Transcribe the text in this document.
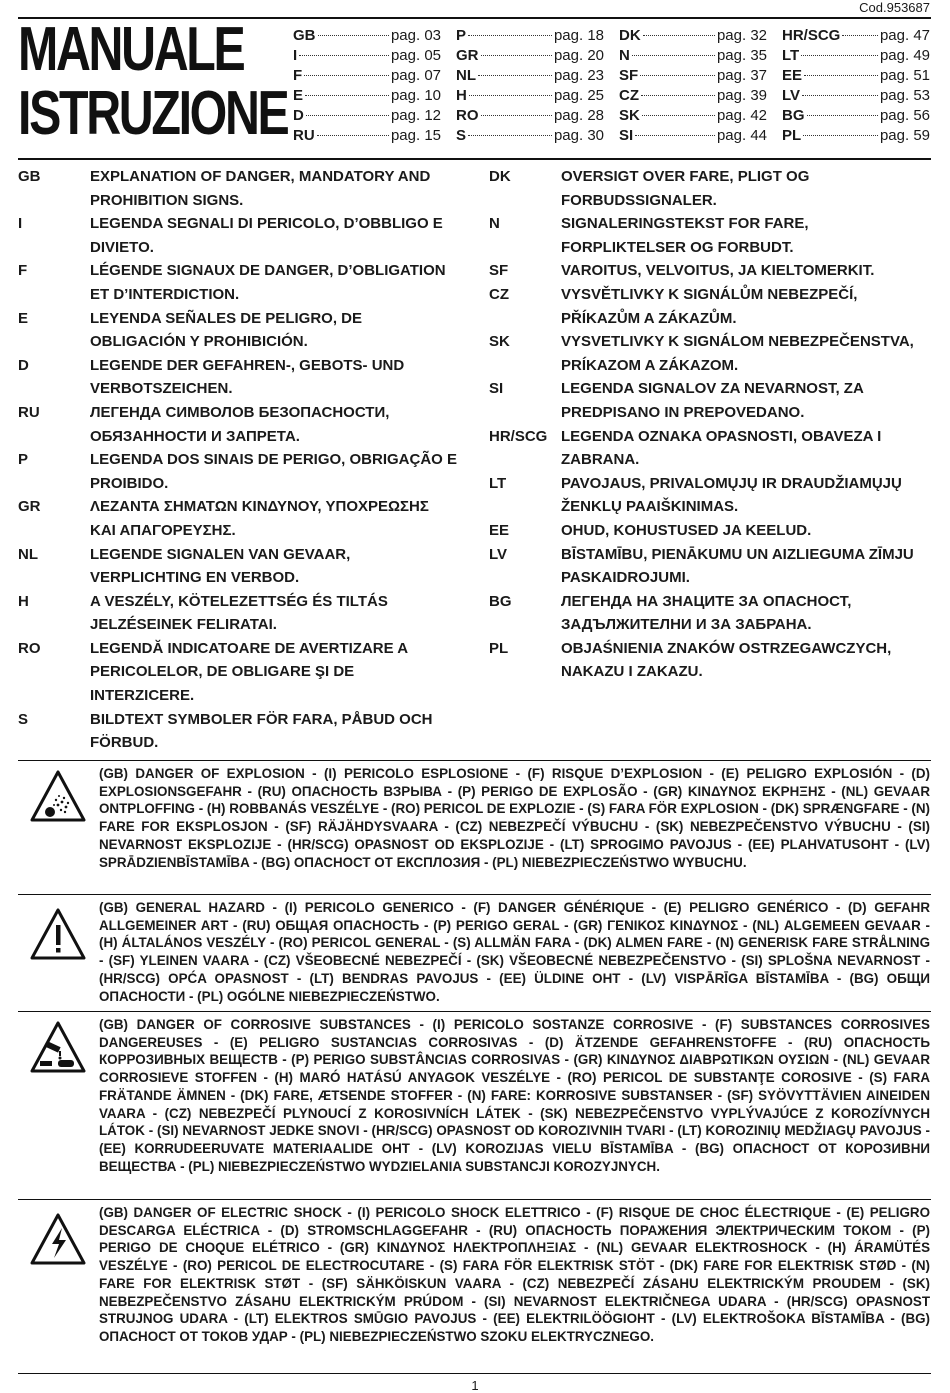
Cod.953687
MANUALE
ISTRUZIONE
GB	pag. 03
I	pag. 05
F	pag. 07
E	pag. 10
D	pag. 12
RU	pag. 15
P	pag. 18
GR	pag. 20
NL	pag. 23
H	pag. 25
RO	pag. 28
S	pag. 30
DK	pag. 32
N	pag. 35
SF	pag. 37
CZ	pag. 39
SK	pag. 42
SI	pag. 44
HR/SCG	pag. 47
LT	pag. 49
EE	pag. 51
LV	pag. 53
BG	pag. 56
PL	pag. 59
GB	EXPLANATION OF DANGER, MANDATORY AND PROHIBITION SIGNS.
I	LEGENDA SEGNALI DI PERICOLO, D’OBBLIGO E DIVIETO.
F	LÉGENDE SIGNAUX DE DANGER, D’OBLIGATION ET D’INTERDICTION.
E	LEYENDA SEÑALES DE PELIGRO, DE OBLIGACIÓN Y PROHIBICIÓN.
D	LEGENDE DER GEFAHREN-, GEBOTS- UND VERBOTSZEICHEN.
RU	ЛЕГЕНДА СИМВОЛОВ БЕЗОПАСНОСТИ, ОБЯЗАННОСТИ И ЗАПРЕТА.
P	LEGENDA DOS SINAIS DE PERIGO, OBRIGAÇÃO E PROIBIDO.
GR	ΛΕΖΑΝΤΑ ΣΗΜΑΤΩΝ ΚΙΝΔΥΝΟΥ, ΥΠΟΧΡΕΩΣΗΣ ΚΑΙ ΑΠΑΓΟΡΕΥΣΗΣ.
NL	LEGENDE SIGNALEN VAN GEVAAR, VERPLICHTING EN VERBOD.
H	A VESZÉLY, KÖTELEZETTSÉG ÉS TILTÁS JELZÉSEINEK FELIRATAI.
RO	LEGENDĂ INDICATOARE DE AVERTIZARE A PERICOLELOR, DE OBLIGARE ŞI DE INTERZICERE.
S	BILDTEXT SYMBOLER FÖR FARA, PÅBUD OCH FÖRBUD.
DK	OVERSIGT OVER FARE, PLIGT OG FORBUDSSIGNALER.
N	SIGNALERINGSTEKST FOR FARE, FORPLIKTELSER OG FORBUDT.
SF	VAROITUS, VELVOITUS, JA KIELTOMERKIT.
CZ	VYSVĚTLIVKY K SIGNÁLŮM NEBEZPEČÍ, PŘÍKAZŮM A ZÁKAZŮM.
SK	VYSVETLIVKY K SIGNÁLOM NEBEZPEČENSTVA, PRÍKAZOM A ZÁKAZOM.
SI	LEGENDA SIGNALOV ZA NEVARNOST, ZA PREDPISANO IN PREPOVEDANO.
HR/SCG LEGENDA OZNAKA OPASNOSTI, OBAVEZA I ZABRANA.
LT	PAVOJAUS, PRIVALOMŲJŲ IR DRAUDŽIAMŲJŲ ŽENKLŲ PAAIŠKINIMAS.
EE	OHUD, KOHUSTUSED JA KEELUD.
LV	BĪSTAMĪBU, PIENĀKUMU UN AIZLIEGUMA ZĪMJU PASKAIDROJUMI.
BG	ЛЕГЕНДА НА ЗНАЦИТЕ ЗА ОПАСНОСТ, ЗАДЪЛЖИТЕЛНИ И ЗА ЗАБРАНА.
PL	OBJAŚNIENIA ZNAKÓW OSTRZEGAWCZYCH, NAKAZU I ZAKAZU.
(GB) DANGER OF EXPLOSION - (I) PERICOLO ESPLOSIONE - (F) RISQUE D’EXPLOSION - (E) PELIGRO EXPLOSIÓN - (D) EXPLOSIONSGEFAHR - (RU) ОПАСНОСТЬ ВЗРЫВА - (P) PERIGO DE EXPLOSÃO - (GR) ΚΙΝΔΥΝΟΣ ΕΚΡΗΞΗΣ - (NL) GEVAAR ONTPLOFFING - (H) ROBBANÁS VESZÉLYE - (RO) PERICOL DE EXPLOZIE - (S) FARA FÖR EXPLOSION - (DK) SPRÆNGFARE - (N) FARE FOR EKSPLOSJON - (SF) RÄJÄHDYSVAARA - (CZ) NEBEZPEČÍ VÝBUCHU - (SK) NEBEZPEČENSTVO VÝBUCHU - (SI) NEVARNOST EKSPLOZIJE - (HR/SCG) OPASNOST OD EKSPLOZIJE - (LT) SPROGIMO PAVOJUS - (EE) PLAHVATUSOHT - (LV) SPRĀDZIENBĪSTAMĪBA - (BG) ОПАСНОСТ ОТ ЕКСПЛОЗИЯ - (PL) NIEBEZPIECZEŃSTWO WYBUCHU.
(GB) GENERAL HAZARD - (I) PERICOLO GENERICO - (F) DANGER GÉNÉRIQUE - (E) PELIGRO GENÉRICO - (D) GEFAHR ALLGEMEINER ART - (RU) ОБЩАЯ ОПАСНОСТЬ - (P) PERIGO GERAL - (GR) ΓΕΝΙΚΟΣ ΚΙΝΔΥΝΟΣ - (NL) ALGEMEEN GEVAAR - (H) ÁLTALÁNOS VESZÉLY - (RO) PERICOL GENERAL - (S) ALLMÄN FARA - (DK) ALMEN FARE - (N) GENERISK FARE STRÅLNING - (SF) YLEINEN VAARA - (CZ) VŠEOBECNÉ NEBEZPEČÍ - (SK) VŠEOBECNÉ NEBEZPEČENSTVO - (SI) SPLOŠNA NEVARNOST - (HR/SCG) OPĆA OPASNOST - (LT) BENDRAS PAVOJUS - (EE) ÜLDINE OHT - (LV) VISPĀRĪGA BĪSTAMĪBA - (BG) ОБЩИ ОПАСНОСТИ - (PL) OGÓLNE NIEBEZPIECZEŃSTWO.
(GB) DANGER OF CORROSIVE SUBSTANCES - (I) PERICOLO SOSTANZE CORROSIVE - (F) SUBSTANCES CORROSIVES DANGEREUSES - (E) PELIGRO SUSTANCIAS CORROSIVAS - (D) ÄTZENDE GEFAHRENSTOFFE - (RU) ОПАСНОСТЬ КОРРОЗИВНЫХ ВЕЩЕСТВ - (P) PERIGO SUBSTÂNCIAS CORROSIVAS - (GR) ΚΙΝΔΥΝΟΣ ΔΙΑΒΡΩΤΙΚΩΝ ΟΥΣΙΩΝ - (NL) GEVAAR CORROSIEVE STOFFEN - (H) MARÓ HATÁSÚ ANYAGOK VESZÉLYE - (RO) PERICOL DE SUBSTANŢE COROSIVE - (S) FARA FRÄTANDE ÄMNEN - (DK) FARE, ÆTSENDE STOFFER - (N) FARE: KORROSIVE SUBSTANSER - (SF) SYÖVYTTÄVIEN AINEIDEN VAARA - (CZ) NEBEZPEČÍ PLYNOUCÍ Z KOROSIVNÍCH LÁTEK - (SK) NEBEZPEČENSTVO VYPLÝVAJÚCE Z KOROZÍVNYCH LÁTOK - (SI) NEVARNOST JEDKE SNOVI - (HR/SCG) OPASNOST OD KOROZIVNIH TVARI - (LT) KOROZINIŲ MEDŽIAGŲ PAVOJUS - (EE) KORRUDEERUVATE MATERIAALIDE OHT - (LV) KOROZIJAS VIELU BĪSTAMĪBA - (BG) ОПАСНОСТ ОТ КОРОЗИВНИ ВЕЩЕСТВА - (PL) NIEBEZPIECZEŃSTWO WYDZIELANIA SUBSTANCJI KOROZYJNYCH.
(GB) DANGER OF ELECTRIC SHOCK - (I) PERICOLO SHOCK ELETTRICO - (F) RISQUE DE CHOC ÉLECTRIQUE - (E) PELIGRO DESCARGA ELÉCTRICA - (D) STROMSCHLAGGEFAHR - (RU) ОПАСНОСТЬ ПОРАЖЕНИЯ ЭЛЕКТРИЧЕСКИМ ТОКОМ - (P) PERIGO DE CHOQUE ELÉTRICO - (GR) ΚΙΝΔΥΝΟΣ ΗΛΕΚΤΡΟΠΛΗΞΙΑΣ - (NL) GEVAAR ELEKTROSHOCK - (H) ÁRAMÜTÉS VESZÉLYE - (RO) PERICOL DE ELECTROCUTARE - (S) FARA FÖR ELEKTRISK STÖT - (DK) FARE FOR ELEKTRISK STØD - (N) FARE FOR ELEKTRISK STØT - (SF) SÄHKÖISKUN VAARA - (CZ) NEBEZPEČÍ ZÁSAHU ELEKTRICKÝM PROUDEM - (SK) NEBEZPEČENSTVO ZÁSAHU ELEKTRICKÝM PRÚDOM - (SI) NEVARNOST ELEKTRIČNEGA UDARA - (HR/SCG) OPASNOST STRUJNOG UDARA - (LT) ELEKTROS SMŪGIO PAVOJUS - (EE) ELEKTRILÖÖGIOHT - (LV) ELEKTROŠOKA BĪSTAMĪBA - (BG) ОПАСНОСТ ОТ ТОКОВ УДАР - (PL) NIEBEZPIECZEŃSTWO SZOKU ELEKTRYCZNEGO.
1
